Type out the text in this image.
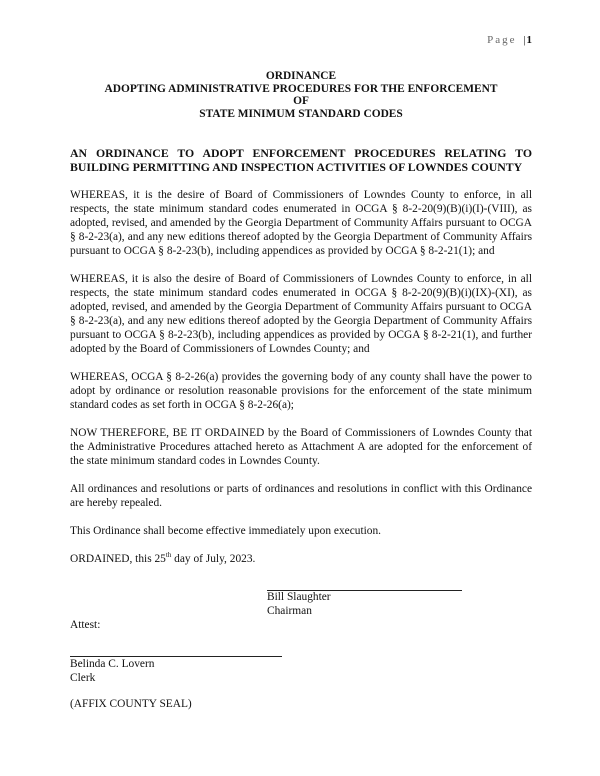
Page |1
ORDINANCE
ADOPTING ADMINISTRATIVE PROCEDURES FOR THE ENFORCEMENT
OF
STATE MINIMUM STANDARD CODES
AN ORDINANCE TO ADOPT ENFORCEMENT PROCEDURES RELATING TO BUILDING PERMITTING AND INSPECTION ACTIVITIES OF LOWNDES COUNTY
WHEREAS, it is the desire of Board of Commissioners of Lowndes County to enforce, in all respects, the state minimum standard codes enumerated in OCGA § 8-2-20(9)(B)(i)(I)-(VIII), as adopted, revised, and amended by the Georgia Department of Community Affairs pursuant to OCGA § 8-2-23(a), and any new editions thereof adopted by the Georgia Department of Community Affairs pursuant to OCGA § 8-2-23(b), including appendices as provided by OCGA § 8-2-21(1); and
WHEREAS, it is also the desire of Board of Commissioners of Lowndes County to enforce, in all respects, the state minimum standard codes enumerated in OCGA § 8-2-20(9)(B)(i)(IX)-(XI), as adopted, revised, and amended by the Georgia Department of Community Affairs pursuant to OCGA § 8-2-23(a), and any new editions thereof adopted by the Georgia Department of Community Affairs pursuant to OCGA § 8-2-23(b), including appendices as provided by OCGA § 8-2-21(1), and further adopted by the Board of Commissioners of Lowndes County; and
WHEREAS, OCGA § 8-2-26(a) provides the governing body of any county shall have the power to adopt by ordinance or resolution reasonable provisions for the enforcement of the state minimum standard codes as set forth in OCGA § 8-2-26(a);
NOW THEREFORE, BE IT ORDAINED by the Board of Commissioners of Lowndes County that the Administrative Procedures attached hereto as Attachment A are adopted for the enforcement of the state minimum standard codes in Lowndes County.
All ordinances and resolutions or parts of ordinances and resolutions in conflict with this Ordinance are hereby repealed.
This Ordinance shall become effective immediately upon execution.
ORDAINED, this 25th day of July, 2023.
Bill Slaughter
Chairman
Attest:
Belinda C. Lovern
Clerk
(AFFIX COUNTY SEAL)
